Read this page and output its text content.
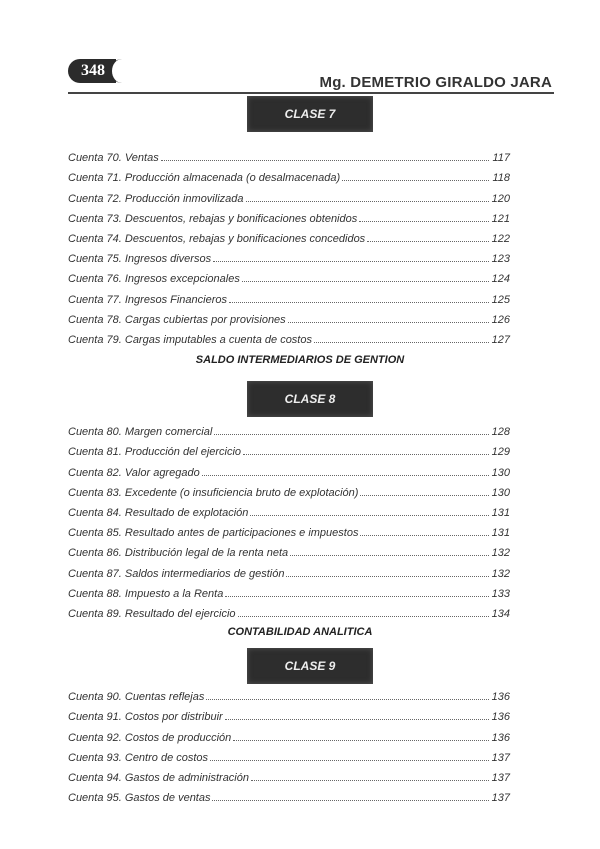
348
Mg. DEMETRIO GIRALDO JARA
CLASE 7
Cuenta 70. Ventas	117
Cuenta 71. Producción almacenada (o desalmacenada)	118
Cuenta 72. Producción inmovilizada	120
Cuenta 73. Descuentos, rebajas y bonificaciones obtenidos	121
Cuenta 74. Descuentos, rebajas y bonificaciones concedidos	122
Cuenta 75. Ingresos diversos	123
Cuenta 76. Ingresos excepcionales	124
Cuenta 77. Ingresos Financieros	125
Cuenta 78. Cargas cubiertas por provisiones	126
Cuenta 79. Cargas imputables a cuenta de costos	127
SALDO INTERMEDIARIOS DE GENTION
CLASE 8
Cuenta 80. Margen comercial	128
Cuenta 81. Producción del ejercicio	129
Cuenta 82. Valor agregado	130
Cuenta 83. Excedente (o insuficiencia bruto de explotación)	130
Cuenta 84. Resultado de explotación	131
Cuenta 85. Resultado antes de participaciones e impuestos	131
Cuenta 86. Distribución legal de la renta neta	132
Cuenta 87. Saldos intermediarios de gestión	132
Cuenta 88. Impuesto a la Renta	133
Cuenta 89. Resultado del ejercicio	134
CONTABILIDAD ANALITICA
CLASE 9
Cuenta 90. Cuentas reflejas	136
Cuenta 91. Costos por distribuir	136
Cuenta 92. Costos de producción	136
Cuenta 93. Centro de costos	137
Cuenta 94. Gastos de administración	137
Cuenta 95. Gastos de ventas	137
